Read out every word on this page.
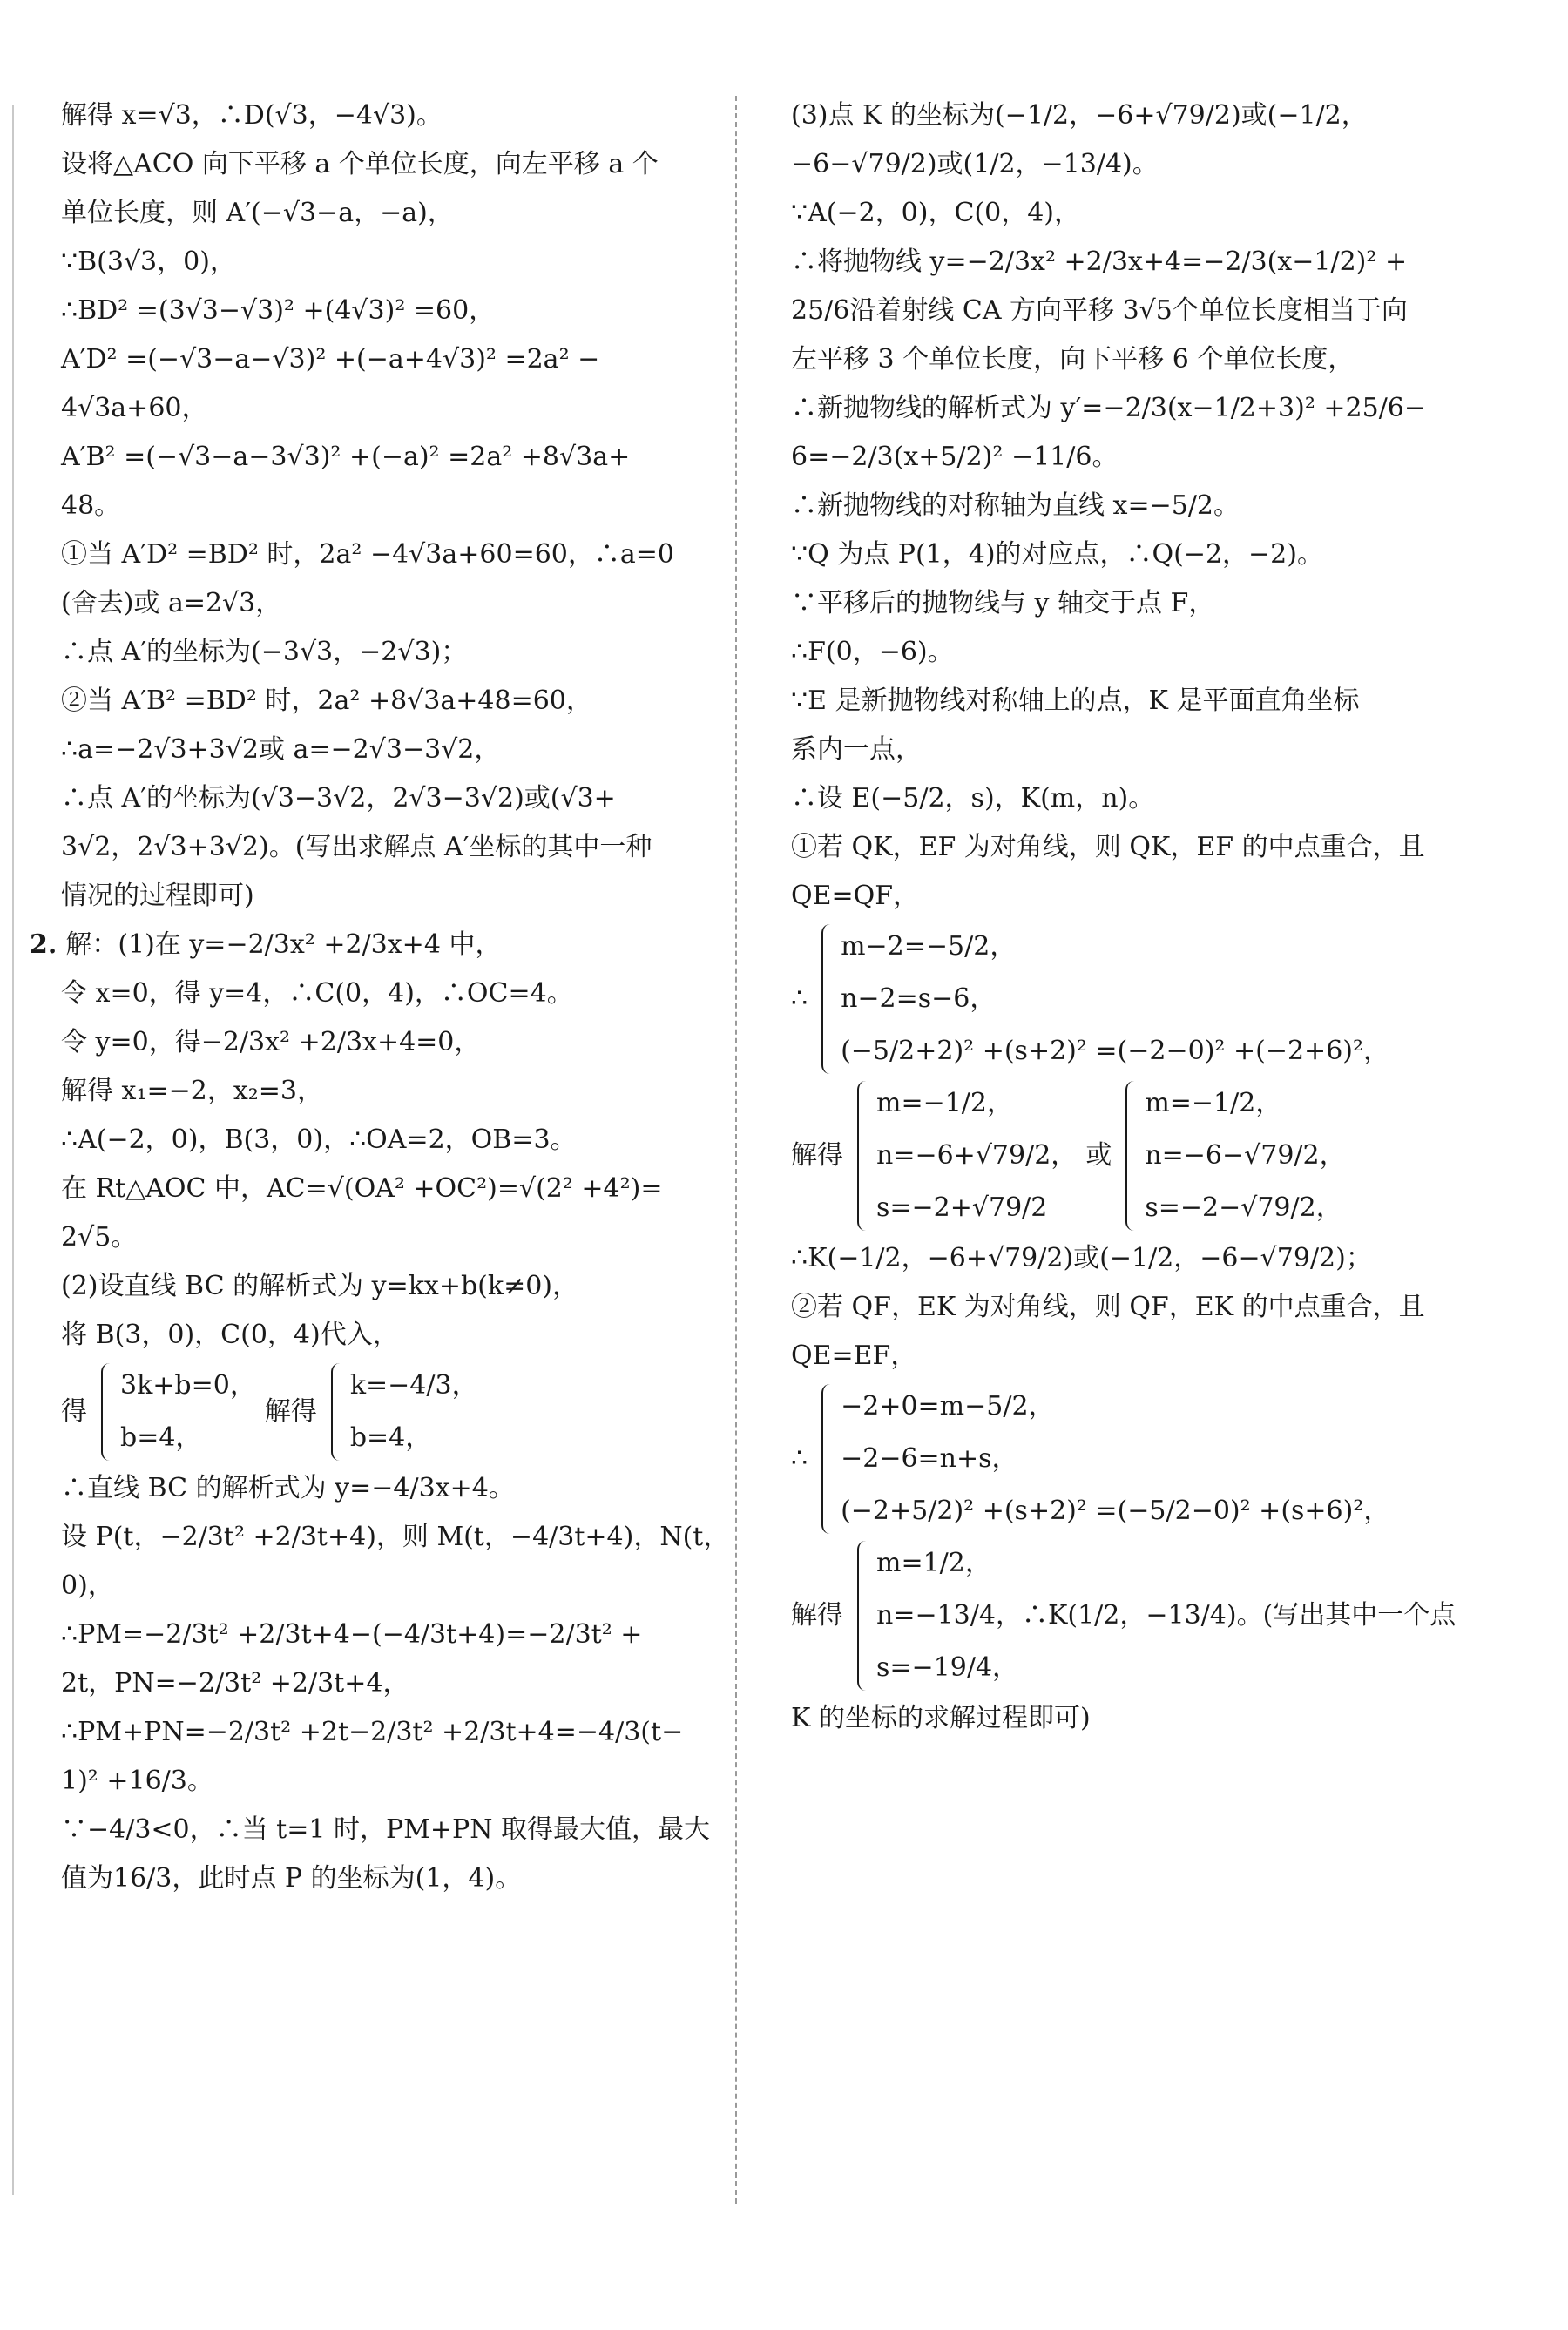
解得 x=√3，∴D(√3，−4√3)。
设将△ACO 向下平移 a 个单位长度，向左平移 a 个
单位长度，则 A′(−√3−a，−a)，
∵B(3√3，0)，
∴BD² =(3√3−√3)² +(4√3)² =60，
A′D² =(−√3−a−√3)² +(−a+4√3)² =2a² −
4√3a+60，
A′B² =(−√3−a−3√3)² +(−a)² =2a² +8√3a+
48。
①当 A′D² =BD² 时，2a² −4√3a+60=60，∴a=0
(舍去)或 a=2√3，
∴点 A′的坐标为(−3√3，−2√3)；
②当 A′B² =BD² 时，2a² +8√3a+48=60，
∴a=−2√3+3√2或 a=−2√3−3√2，
∴点 A′的坐标为(√3−3√2，2√3−3√2)或(√3+
3√2，2√3+3√2)。(写出求解点 A′坐标的其中一种
情况的过程即可)
2. 解：(1)在 y=−2/3x² +2/3x+4 中，
令 x=0，得 y=4，∴C(0，4)，∴OC=4。
令 y=0，得−2/3x² +2/3x+4=0，
解得 x₁=−2，x₂=3，
∴A(−2，0)，B(3，0)，∴OA=2，OB=3。
在 Rt△AOC 中，AC=√(OA² +OC²)=√(2² +4²)=
2√5。
(2)设直线 BC 的解析式为 y=kx+b(k≠0)，
将 B(3，0)，C(0，4)代入，
得
3k+b=0，
b=4，
解得
k=−4/3，
b=4，
∴直线 BC 的解析式为 y=−4/3x+4。
设 P(t，−2/3t² +2/3t+4)，则 M(t，−4/3t+4)，N(t，
0)，
∴PM=−2/3t² +2/3t+4−(−4/3t+4)=−2/3t² +
2t，PN=−2/3t² +2/3t+4，
∴PM+PN=−2/3t² +2t−2/3t² +2/3t+4=−4/3(t−
1)² +16/3。
∵−4/3<0，∴当 t=1 时，PM+PN 取得最大值，最大
值为16/3，此时点 P 的坐标为(1，4)。
(3)点 K 的坐标为(−1/2，−6+√79/2)或(−1/2，
−6−√79/2)或(1/2，−13/4)。
∵A(−2，0)，C(0，4)，
∴将抛物线 y=−2/3x² +2/3x+4=−2/3(x−1/2)² +
25/6沿着射线 CA 方向平移 3√5个单位长度相当于向
左平移 3 个单位长度，向下平移 6 个单位长度，
∴新抛物线的解析式为 y′=−2/3(x−1/2+3)² +25/6−
6=−2/3(x+5/2)² −11/6。
∴新抛物线的对称轴为直线 x=−5/2。
∵Q 为点 P(1，4)的对应点，∴Q(−2，−2)。
∵平移后的抛物线与 y 轴交于点 F，
∴F(0，−6)。
∵E 是新抛物线对称轴上的点，K 是平面直角坐标
系内一点，
∴设 E(−5/2，s)，K(m，n)。
①若 QK，EF 为对角线，则 QK，EF 的中点重合，且
QE=QF，
∴
m−2=−5/2，
n−2=s−6，
(−5/2+2)² +(s+2)² =(−2−0)² +(−2+6)²，
解得
m=−1/2，
n=−6+√79/2，
s=−2+√79/2
或
m=−1/2，
n=−6−√79/2，
s=−2−√79/2，
∴K(−1/2，−6+√79/2)或(−1/2，−6−√79/2)；
②若 QF，EK 为对角线，则 QF，EK 的中点重合，且
QE=EF，
∴
−2+0=m−5/2，
−2−6=n+s，
(−2+5/2)² +(s+2)² =(−5/2−0)² +(s+6)²，
解得
m=1/2，
n=−13/4，∴K(1/2，−13/4)。(写出其中一个点
s=−19/4，
K 的坐标的求解过程即可)
